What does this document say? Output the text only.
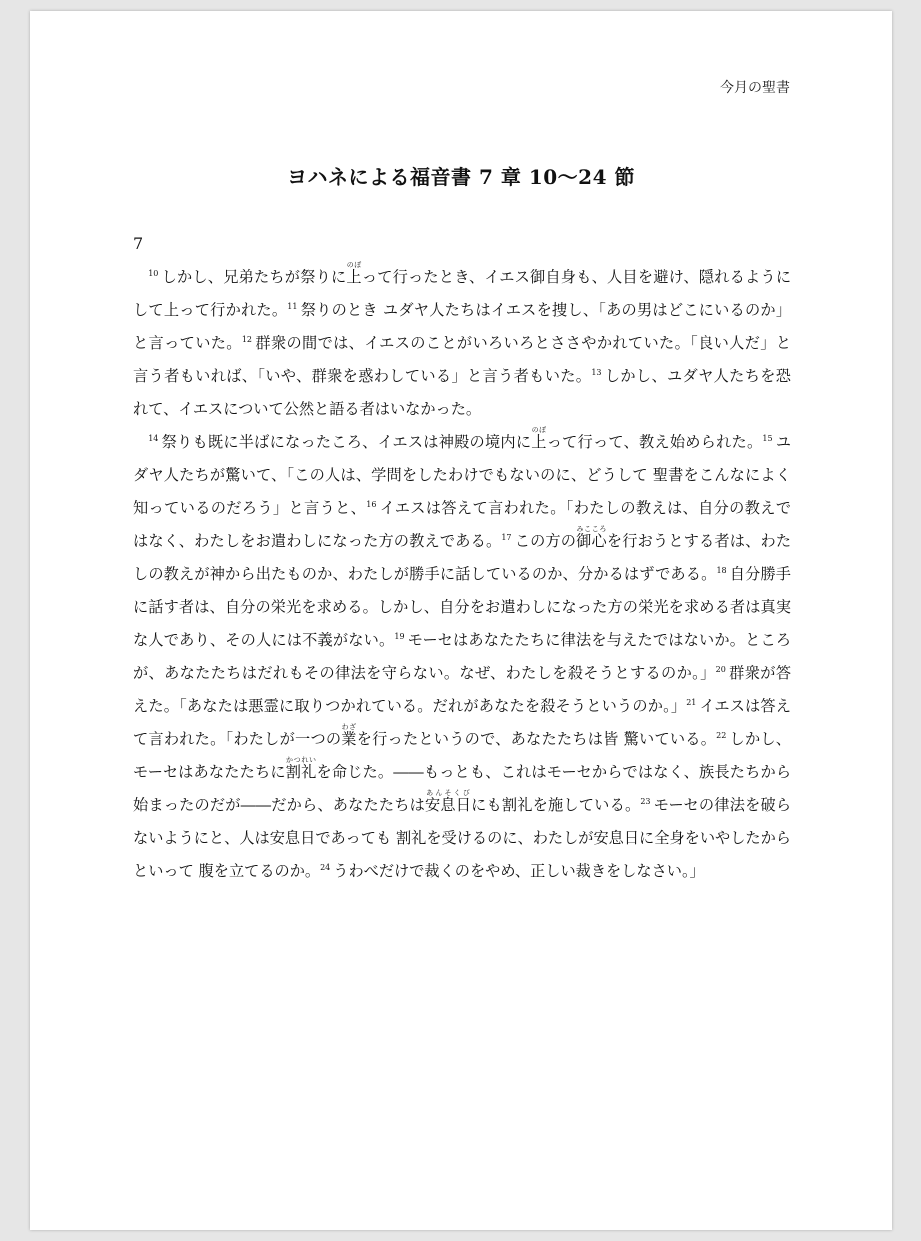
今月の聖書
ヨハネによる福音書 7 章 10〜24 節
7

$^{10}$ しかし、兄弟たちが祭りに上のぼって行ったとき、イエス御自身も、人目を避け、隠れるようにして上って行かれた。$^{11}$ 祭りのとき ユダヤ人たちはイエスを捜し、「あの男はどこにいるのか」と言っていた。$^{12}$ 群衆の間では、イエスのことがいろいろとささやかれていた。「良い人だ」と言う者もいれば、「いや、群衆を惑わしている」と言う者もいた。$^{13}$ しかし、ユダヤ人たちを恐れて、イエスについて公然と語る者はいなかった。

$^{14}$ 祭りも既に半ばになったころ、イエスは神殿の境内に上のぼって行って、教え始められた。$^{15}$ ユダヤ人たちが驚いて、「この人は、学問をしたわけでもないのに、どうして 聖書をこんなによく知っているのだろう」と言うと、$^{16}$ イエスは答えて言われた。「わたしの教えは、自分の教えではなく、わたしをお遣わしになった方の教えである。$^{17}$ この方の御心みこころを行おうとする者は、わたしの教えが神から出たものか、わたしが勝手に話しているのか、分かるはずである。$^{18}$ 自分勝手に話す者は、自分の栄光を求める。しかし、自分をお遣わしになった方の栄光を求める者は真実な人であり、その人には不義がない。$^{19}$ モーセはあなたたちに律法を与えたではないか。ところが、あなたたちはだれもその律法を守らない。なぜ、わたしを殺そうとするのか。」$^{20}$ 群衆が答えた。「あなたは悪霊に取りつかれている。だれがあなたを殺そうというのか。」$^{21}$ イエスは答えて言われた。「わたしが一つの業わざを行ったというので、あなたたちは皆 驚いている。$^{22}$ しかし、モーセはあなたたちに割礼かつれいを命じた。――もっとも、これはモーセからではなく、族長たちから始まったのだが――だから、あなたたちは安息日あんそくびにも割礼を施している。$^{23}$ モーセの律法を破らないようにと、人は安息日であっても 割礼を受けるのに、わたしが安息日に全身をいやしたからといって 腹を立てるのか。$^{24}$ うわべだけで裁くのをやめ、正しい裁きをしなさい。」
